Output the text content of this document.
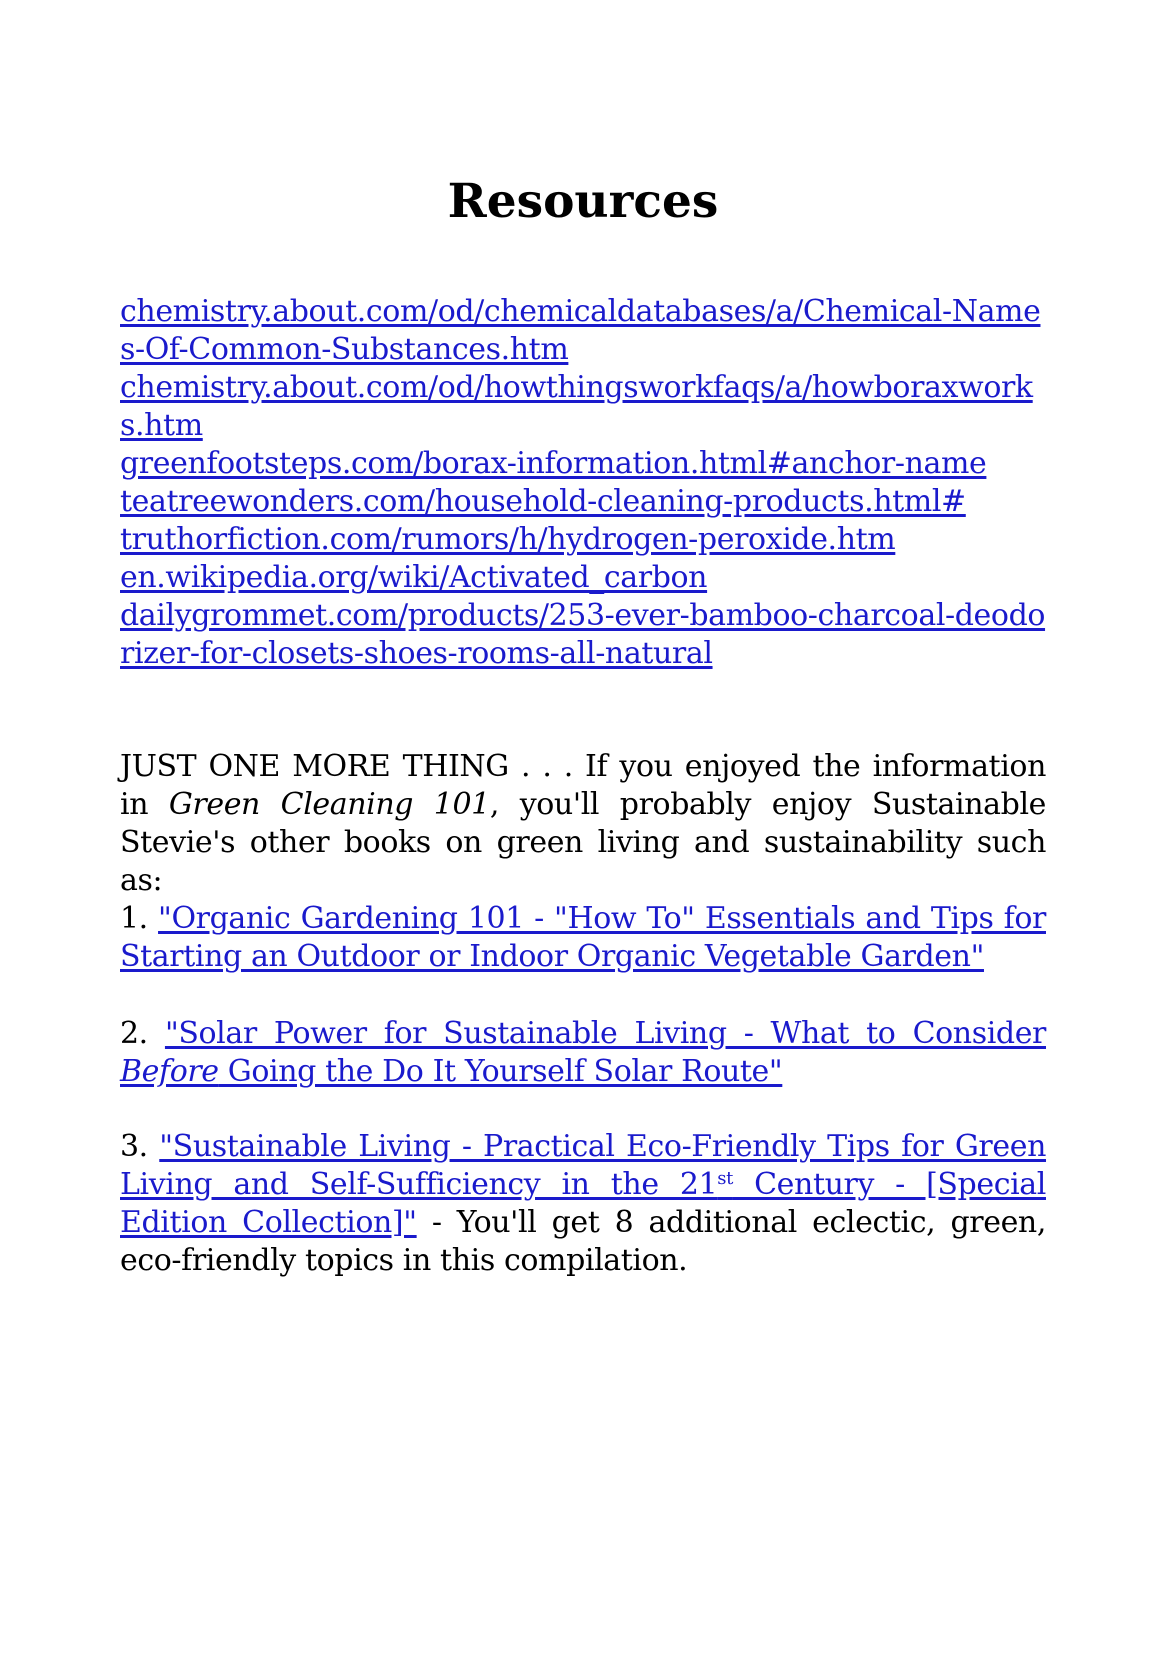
Resources
chemistry.about.com/od/chemicaldatabases/a/Chemical-Names-Of-Common-Substances.htm
chemistry.about.com/od/howthingsworkfaqs/a/howboraxworks.htm
greenfootsteps.com/borax-information.html#anchor-name
teatreewonders.com/household-cleaning-products.html#
truthorfiction.com/rumors/h/hydrogen-peroxide.htm
en.wikipedia.org/wiki/Activated_carbon
dailygrommet.com/products/253-ever-bamboo-charcoal-deodorizer-for-closets-shoes-rooms-all-natural

JUST ONE MORE THING . . . If you enjoyed the information in Green Cleaning 101, you'll probably enjoy Sustainable Stevie's other books on green living and sustainability such as:

1. "Organic Gardening 101 - "How To" Essentials and Tips for Starting an Outdoor or Indoor Organic Vegetable Garden"

2. "Solar Power for Sustainable Living - What to Consider Before Going the Do It Yourself Solar Route"

3. "Sustainable Living - Practical Eco-Friendly Tips for Green Living and Self-Sufficiency in the 21st Century - [Special Edition Collection]" - You'll get 8 additional eclectic, green, eco-friendly topics in this compilation.
